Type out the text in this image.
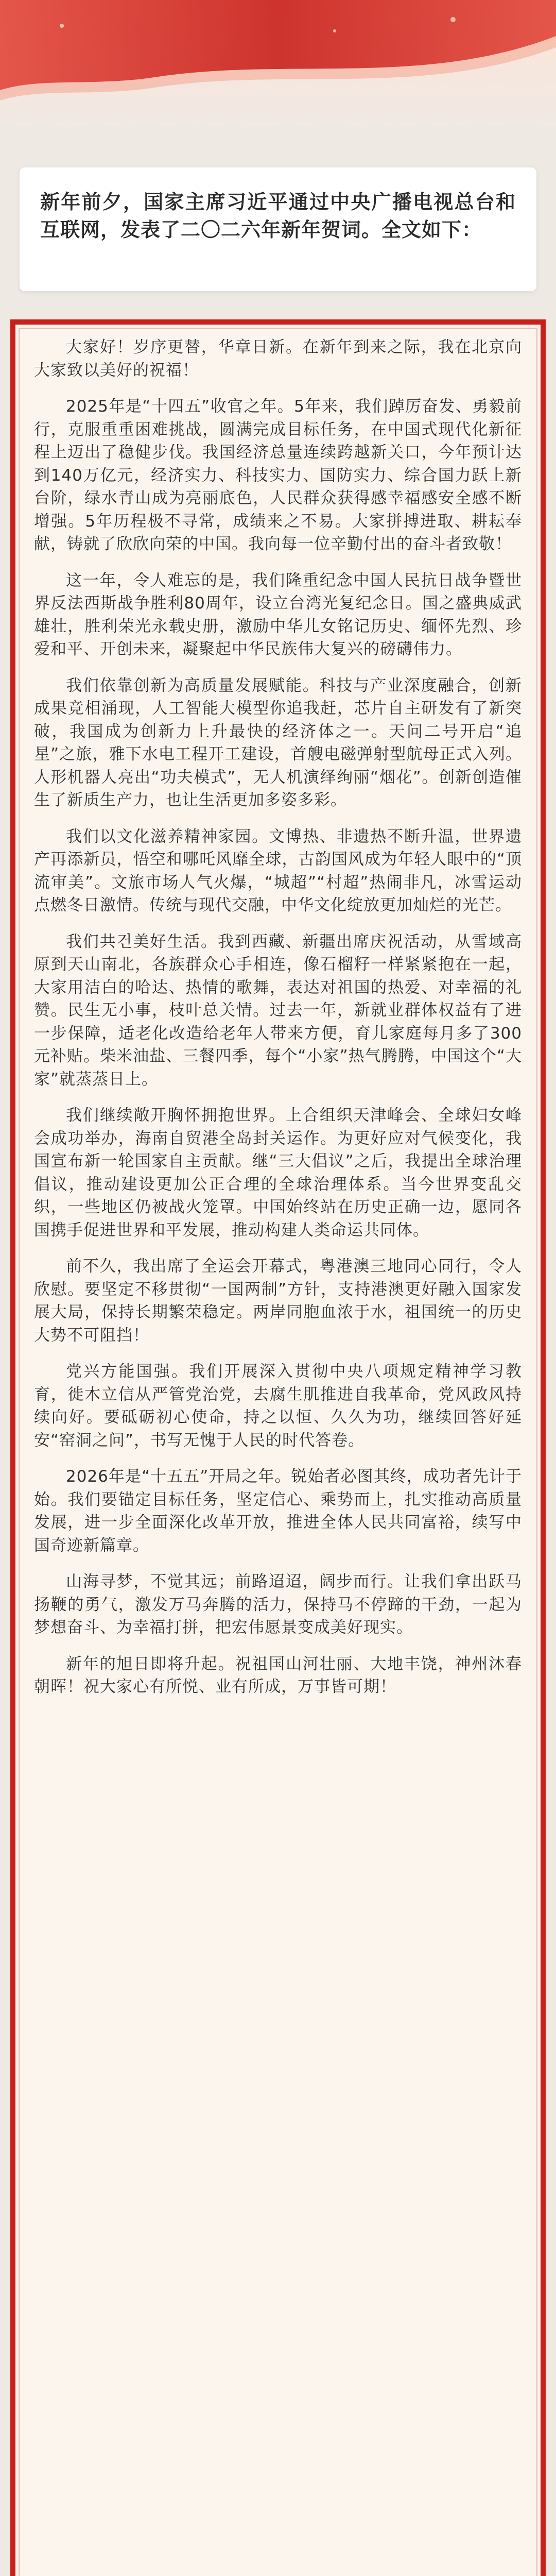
新年前夕，国家主席习近平通过中央广播电视总台和互联网，发表了二〇二六年新年贺词。全文如下：

大家好！岁序更替，华章日新。在新年到来之际，我在北京向大家致以美好的祝福！

2025年是“十四五”收官之年。5年来，我们踔厉奋发、勇毅前行，克服重重困难挑战，圆满完成目标任务，在中国式现代化新征程上迈出了稳健步伐。我国经济总量连续跨越新关口，今年预计达到140万亿元，经济实力、科技实力、国防实力、综合国力跃上新台阶，绿水青山成为亮丽底色，人民群众获得感幸福感安全感不断增强。5年历程极不寻常，成绩来之不易。大家拼搏进取、耕耘奉献，铸就了欣欣向荣的中国。我向每一位辛勤付出的奋斗者致敬！

这一年，令人难忘的是，我们隆重纪念中国人民抗日战争暨世界反法西斯战争胜利80周年，设立台湾光复纪念日。国之盛典威武雄壮，胜利荣光永载史册，激励中华儿女铭记历史、缅怀先烈、珍爱和平、开创未来，凝聚起中华民族伟大复兴的磅礴伟力。

我们依靠创新为高质量发展赋能。科技与产业深度融合，创新成果竞相涌现，人工智能大模型你追我赶，芯片自主研发有了新突破，我国成为创新力上升最快的经济体之一。天问二号开启“追星”之旅，雅下水电工程开工建设，首艘电磁弹射型航母正式入列。人形机器人亮出“功夫模式”，无人机演绎绚丽“烟花”。创新创造催生了新质生产力，也让生活更加多姿多彩。

我们以文化滋养精神家园。文博热、非遗热不断升温，世界遗产再添新员，悟空和哪吒风靡全球，古韵国风成为年轻人眼中的“顶流审美”。文旅市场人气火爆，“城超”“村超”热闹非凡，冰雪运动点燃冬日激情。传统与现代交融，中华文化绽放更加灿烂的光芒。

我们共건美好生活。我到西藏、新疆出席庆祝活动，从雪域高原到天山南北，各族群众心手相连，像石榴籽一样紧紧抱在一起，大家用洁白的哈达、热情的歌舞，表达对祖国的热爱、对幸福的礼赞。民生无小事，枝叶总关情。过去一年，新就业群体权益有了进一步保障，适老化改造给老年人带来方便，育儿家庭每月多了300元补贴。柴米油盐、三餐四季，每个“小家”热气腾腾，中国这个“大家”就蒸蒸日上。

我们继续敞开胸怀拥抱世界。上合组织天津峰会、全球妇女峰会成功举办，海南自贸港全岛封关运作。为更好应对气候变化，我国宣布新一轮国家自主贡献。继“三大倡议”之后，我提出全球治理倡议，推动建设更加公正合理的全球治理体系。当今世界变乱交织，一些地区仍被战火笼罩。中国始终站在历史正确一边，愿同各国携手促进世界和平发展，推动构建人类命运共同体。

前不久，我出席了全运会开幕式，粤港澳三地同心同行，令人欣慰。要坚定不移贯彻“一国两制”方针，支持港澳更好融入国家发展大局，保持长期繁荣稳定。两岸同胞血浓于水，祖国统一的历史大势不可阻挡！

党兴方能国强。我们开展深入贯彻中央八项规定精神学习教育，徙木立信从严管党治党，去腐生肌推进自我革命，党风政风持续向好。要砥砺初心使命，持之以恒、久久为功，继续回答好延安“窑洞之问”，书写无愧于人民的时代答卷。

2026年是“十五五”开局之年。锐始者必图其终，成功者先计于始。我们要锚定目标任务，坚定信心、乘势而上，扎实推动高质量发展，进一步全面深化改革开放，推进全体人民共同富裕，续写中国奇迹新篇章。

山海寻梦，不觉其远；前路迢迢，阔步而行。让我们拿出跃马扬鞭的勇气，激发万马奔腾的活力，保持马不停蹄的干劲，一起为梦想奋斗、为幸福打拼，把宏伟愿景变成美好现实。

新年的旭日即将升起。祝祖国山河壮丽、大地丰饶，神州沐春朝晖！祝大家心有所悦、业有所成，万事皆可期！
